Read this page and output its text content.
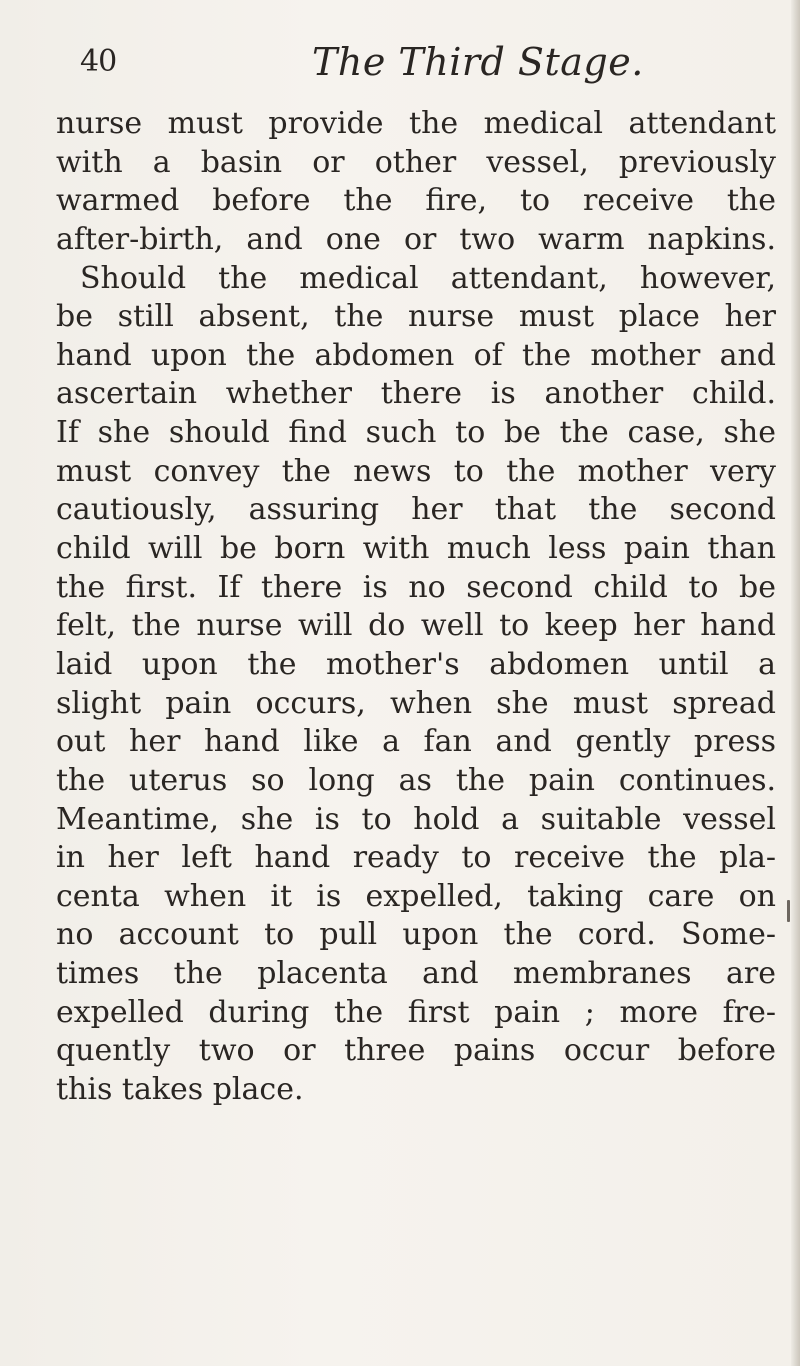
40	The Third Stage.
nurse must provide the medical attendant
with a basin or other vessel, previously
warmed before the fire, to receive the
after-birth, and one or two warm napkins.
Should the medical attendant, however,
be still absent, the nurse must place her
hand upon the abdomen of the mother and
ascertain whether there is another child.
If she should find such to be the case, she
must convey the news to the mother very
cautiously, assuring her that the second
child will be born with much less pain than
the first. If there is no second child to be
felt, the nurse will do well to keep her hand
laid upon the mother's abdomen until a
slight pain occurs, when she must spread
out her hand like a fan and gently press
the uterus so long as the pain continues.
Meantime, she is to hold a suitable vessel
in her left hand ready to receive the pla-
centa when it is expelled, taking care on
no account to pull upon the cord. Some-
times the placenta and membranes are
expelled during the first pain ; more fre-
quently two or three pains occur before
this takes place.
